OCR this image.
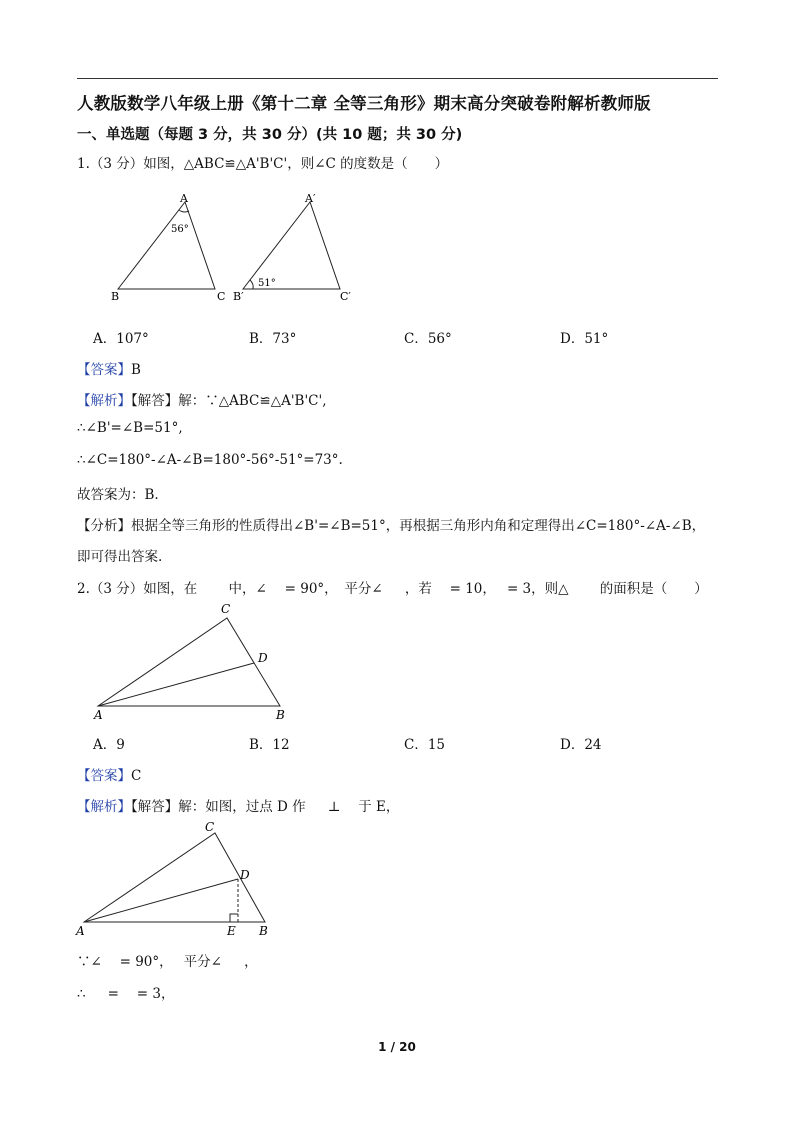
人教版数学八年级上册《第十二章 全等三角形》期末高分突破卷附解析教师版
一、单选题（每题 3 分，共 30 分）(共 10 题；共 30 分)
1.（3 分）如图，△ABC≌△A'B'C'，则∠C 的度数是（　　）
A
56°
B	C
A′
51°
B′	C′
A．107°	B．73°	C．56°	D．51°
【答案】B
【解析】【解答】解：∵△ABC≌△A'B'C',
∴∠B'=∠B=51°,
∴∠C=180°-∠A-∠B=180°-56°-51°=73°.
故答案为：B.
【分析】根据全等三角形的性质得出∠B'=∠B=51°，再根据三角形内角和定理得出∠C=180°-∠A-∠B，
即可得出答案.
2.（3 分）如图，在　　 中，∠ 　= 90°，　平分∠ 　 ，若 　= 10，　 = 3，则△ 　　的面积是（　　）
C
D
A	B
A．9	B．12	C．15	D．24
【答案】C
【解析】【解答】解：如图，过点 D 作 　 ⊥ 　于 E，
C
D
A	E B
∵∠ 　= 90°，　 平分∠ 　 ，
∴ 　 = 　= 3，
1 / 20
